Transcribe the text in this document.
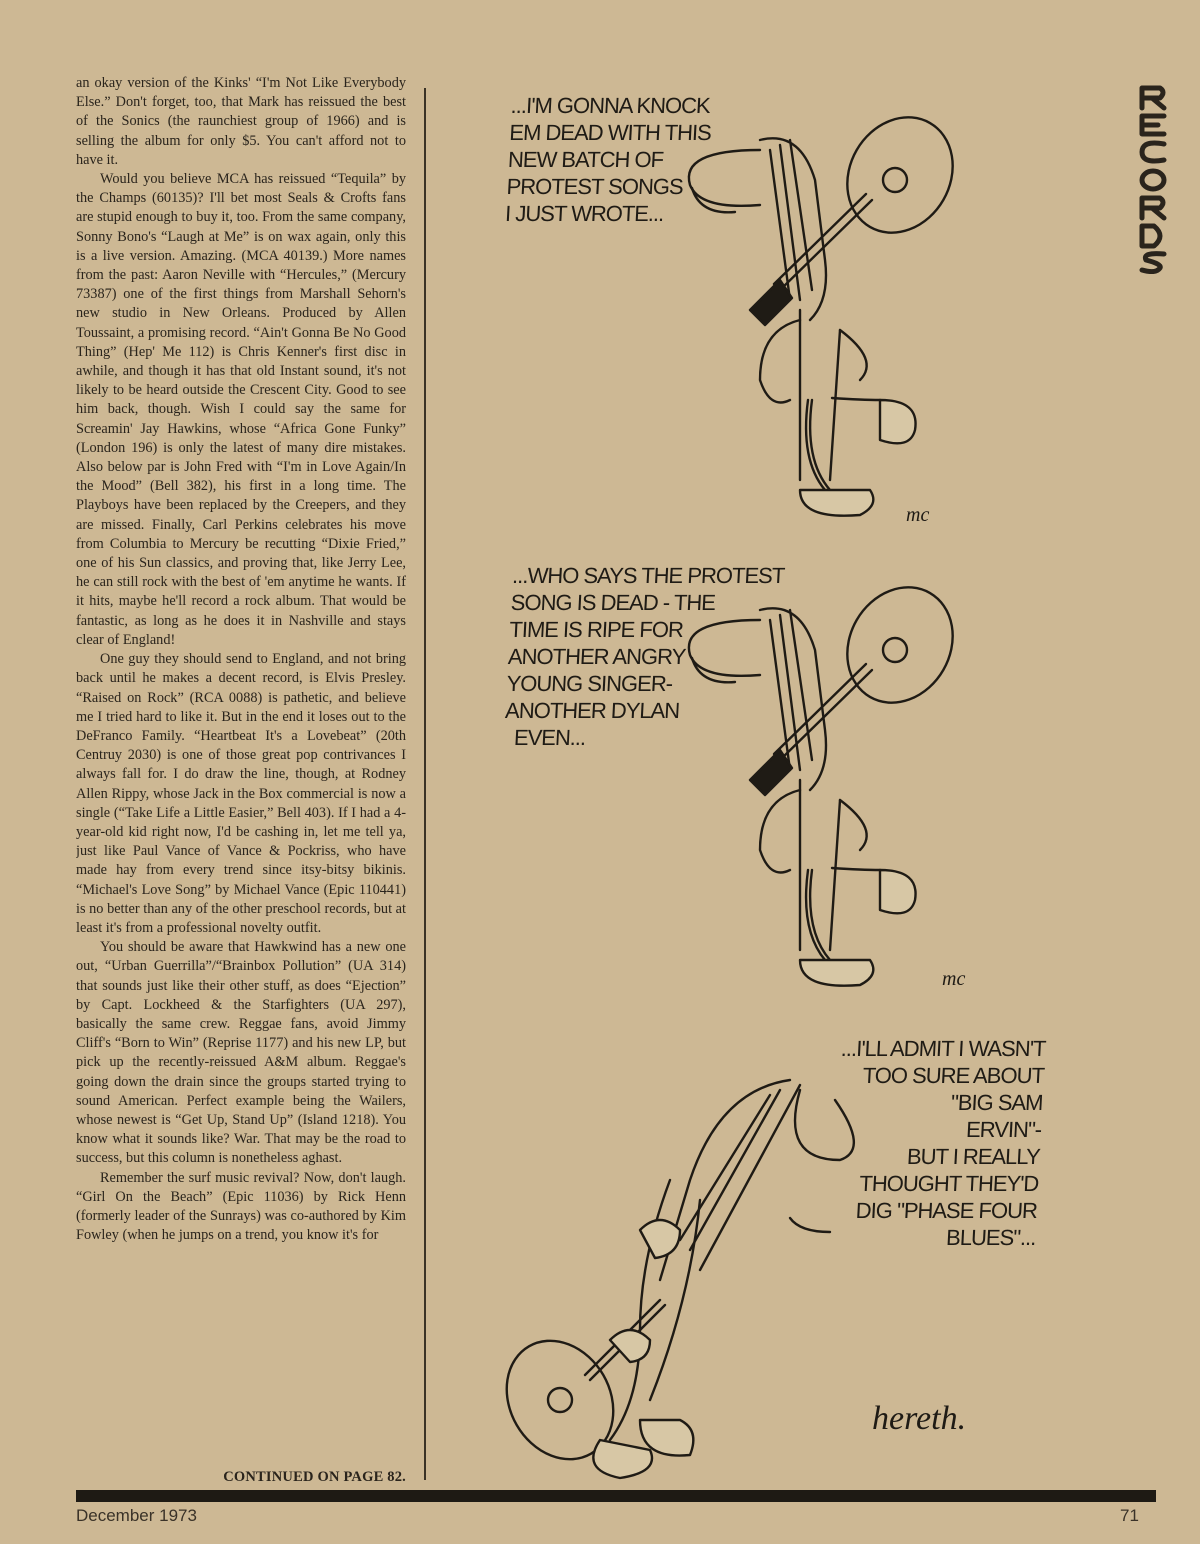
an okay version of the Kinks' “I'm Not Like Everybody Else.” Don't forget, too, that Mark has reissued the best of the Sonics (the raunchiest group of 1966) and is selling the album for only $5. You can't afford not to have it.

Would you believe MCA has reissued “Tequila” by the Champs (60135)? I'll bet most Seals & Crofts fans are stupid enough to buy it, too. From the same company, Sonny Bono's “Laugh at Me” is on wax again, only this is a live version. Amazing. (MCA 40139.) More names from the past: Aaron Neville with “Hercules,” (Mercury 73387) one of the first things from Marshall Sehorn's new studio in New Orleans. Produced by Allen Toussaint, a promising record. “Ain't Gonna Be No Good Thing” (Hep' Me 112) is Chris Kenner's first disc in awhile, and though it has that old Instant sound, it's not likely to be heard outside the Crescent City. Good to see him back, though. Wish I could say the same for Screamin' Jay Hawkins, whose “Africa Gone Funky” (London 196) is only the latest of many dire mistakes. Also below par is John Fred with “I'm in Love Again/In the Mood” (Bell 382), his first in a long time. The Playboys have been replaced by the Creepers, and they are missed. Finally, Carl Perkins celebrates his move from Columbia to Mercury be recutting “Dixie Fried,” one of his Sun classics, and proving that, like Jerry Lee, he can still rock with the best of 'em anytime he wants. If it hits, maybe he'll record a rock album. That would be fantastic, as long as he does it in Nashville and stays clear of England!

One guy they should send to England, and not bring back until he makes a decent record, is Elvis Presley. “Raised on Rock” (RCA 0088) is pathetic, and believe me I tried hard to like it. But in the end it loses out to the DeFranco Family. “Heartbeat It's a Lovebeat” (20th Centruy 2030) is one of those great pop contrivances I always fall for. I do draw the line, though, at Rodney Allen Rippy, whose Jack in the Box commercial is now a single (“Take Life a Little Easier,” Bell 403). If I had a 4-year-old kid right now, I'd be cashing in, let me tell ya, just like Paul Vance of Vance & Pockriss, who have made hay from every trend since itsy-bitsy bikinis. “Michael's Love Song” by Michael Vance (Epic 110441) is no better than any of the other preschool records, but at least it's from a professional novelty outfit.

You should be aware that Hawkwind has a new one out, “Urban Guerrilla”/“Brainbox Pollution” (UA 314) that sounds just like their other stuff, as does “Ejection” by Capt. Lockheed & the Starfighters (UA 297), basically the same crew. Reggae fans, avoid Jimmy Cliff's “Born to Win” (Reprise 1177) and his new LP, but pick up the recently-reissued A&M album. Reggae's going down the drain since the groups started trying to sound American. Perfect example being the Wailers, whose newest is “Get Up, Stand Up” (Island 1218). You know what it sounds like? War. That may be the road to success, but this column is nonetheless aghast.

Remember the surf music revival? Now, don't laugh. “Girl On the Beach” (Epic 11036) by Rick Henn (formerly leader of the Sunrays) was co-authored by Kim Fowley (when he jumps on a trend, you know it's for

CONTINUED ON PAGE 82.
...I'M GONNA KNOCK
EM DEAD WITH THIS
NEW BATCH OF
PROTEST SONGS
I JUST WROTE...
...WHO SAYS THE PROTEST
SONG IS DEAD - THE
TIME IS RIPE FOR
ANOTHER ANGRY
YOUNG SINGER-
ANOTHER DYLAN
EVEN...
...I'LL ADMIT I WASN'T
TOO SURE ABOUT
"BIG SAM
ERVIN"-
BUT I REALLY
THOUGHT THEY'D
DIG "PHASE FOUR
BLUES"...
mc
mc
hereth.
December 1973	71
